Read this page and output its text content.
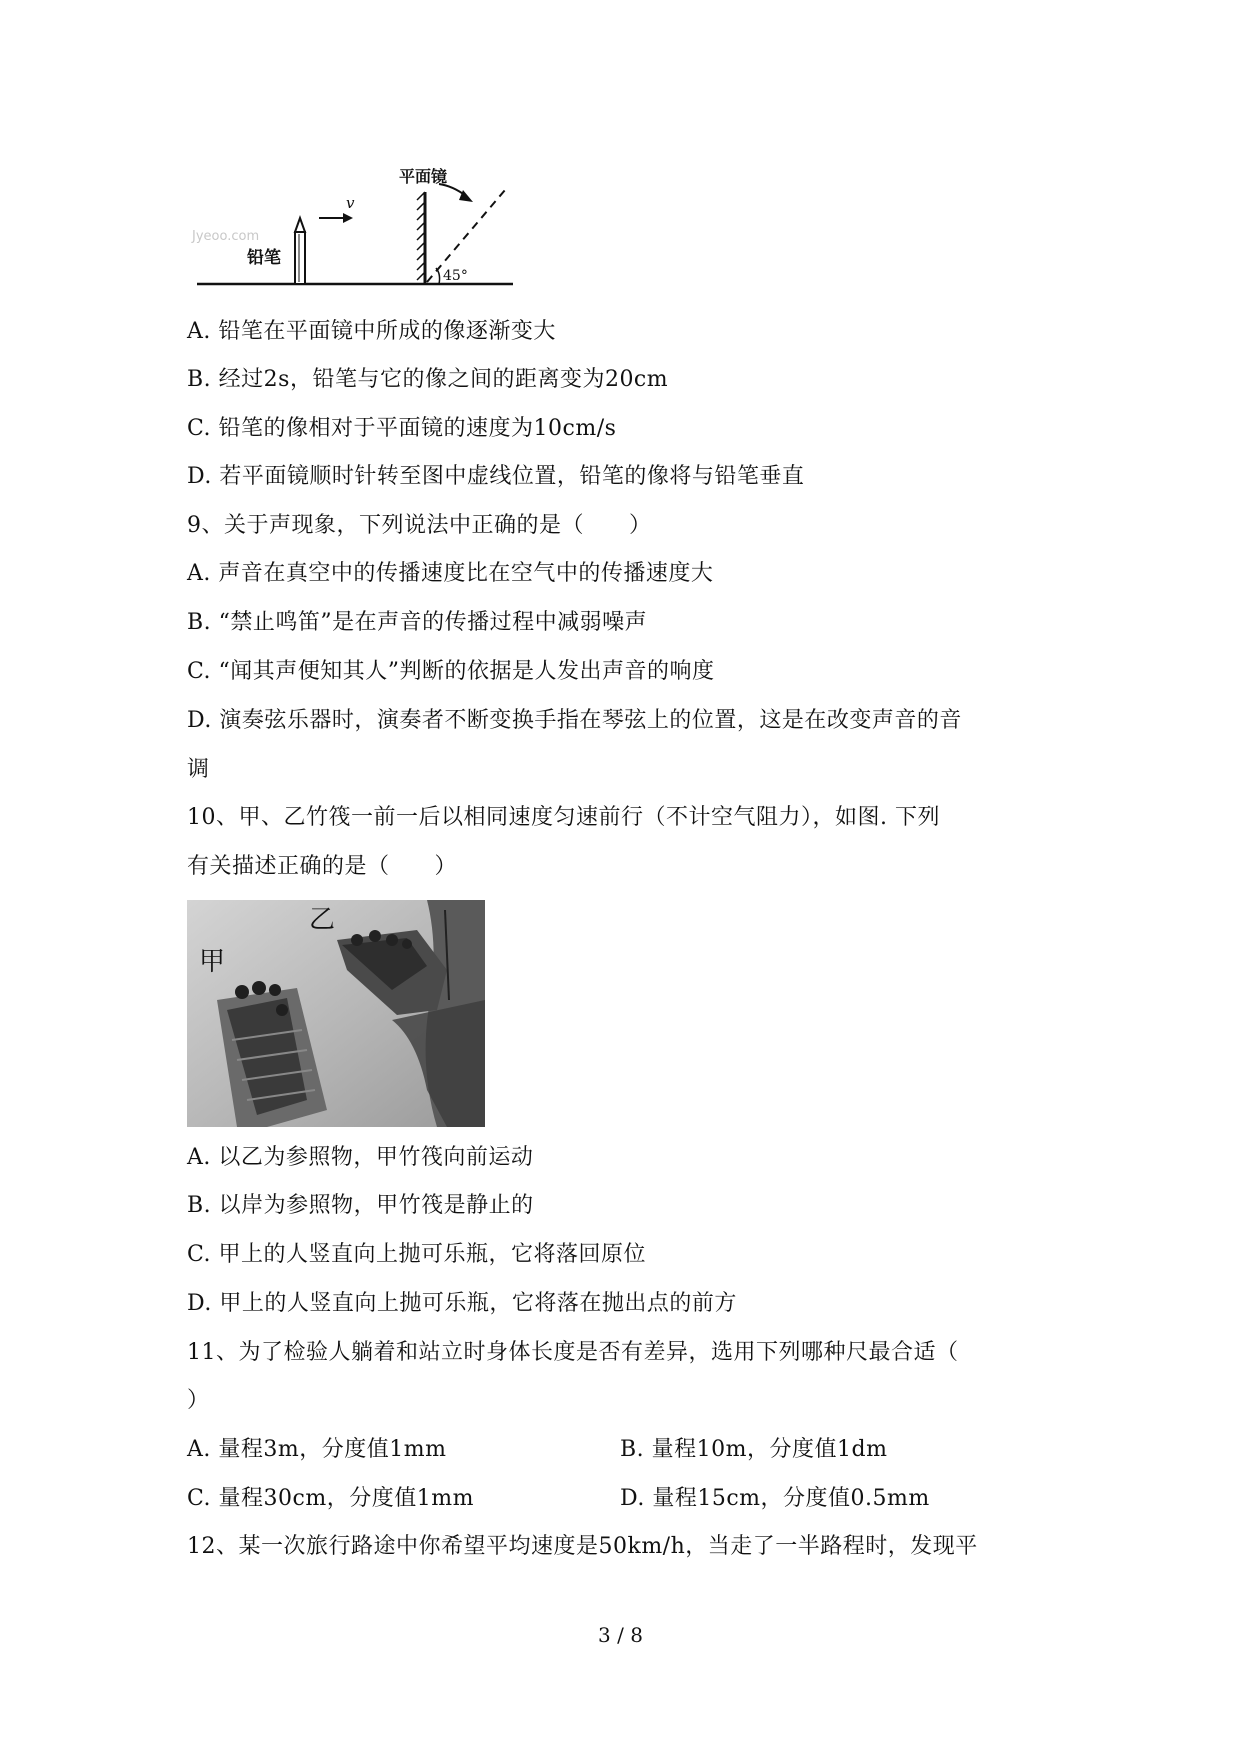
Jyeoo.com
铅笔
v
平面镜
45°
A. 铅笔在平面镜中所成的像逐渐变大
B. 经过2s，铅笔与它的像之间的距离变为20cm
C. 铅笔的像相对于平面镜的速度为10cm/s
D. 若平面镜顺时针转至图中虚线位置，铅笔的像将与铅笔垂直
9、关于声现象，下列说法中正确的是（　　）
A. 声音在真空中的传播速度比在空气中的传播速度大
B. “禁止鸣笛”是在声音的传播过程中减弱噪声
C. “闻其声便知其人”判断的依据是人发出声音的响度
D. 演奏弦乐器时，演奏者不断变换手指在琴弦上的位置，这是在改变声音的音
调
10、甲、乙竹筏一前一后以相同速度匀速前行（不计空气阻力），如图. 下列
有关描述正确的是（　　）
乙
甲
A. 以乙为参照物，甲竹筏向前运动
B. 以岸为参照物，甲竹筏是静止的
C. 甲上的人竖直向上抛可乐瓶，它将落回原位
D. 甲上的人竖直向上抛可乐瓶，它将落在抛出点的前方
11、为了检验人躺着和站立时身体长度是否有差异，选用下列哪种尺最合适（
）
A. 量程3m，分度值1mm	B. 量程10m，分度值1dm
C. 量程30cm，分度值1mm	D. 量程15cm，分度值0.5mm
12、某一次旅行路途中你希望平均速度是50km/h，当走了一半路程时，发现平
3 / 8
